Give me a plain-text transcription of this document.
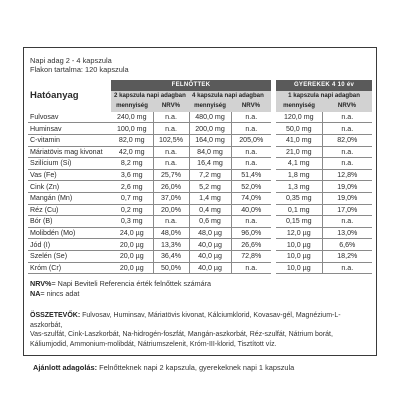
Napi adag 2 - 4 kapszula
Flakon tartalma: 120 kapszula
Hatóanyag	FELNŐTTEK					GYEREKEK 4 10 év	
	2 kapszula napi adagban		4 kapszula napi adagban			1 kapszula napi adagban	
	mennyiség	NRV%	mennyiség	NRV%		mennyiség	NRV%
Fulvosav	240,0 mg	n.a.	480,0 mg	n.a.		120,0 mg	n.a.
Huminsav	100,0 mg	n.a.	200,0 mg	n.a.		50,0 mg	n.a.
C-vitamin	82,0 mg	102,5%	164,0 mg	205,0%		41,0 mg	82,0%
Máriatövis mag kivonat	42,0 mg	n.a.	84,0 mg	n.a.		21,0 mg	n.a.
Szilícium (Si)	8,2 mg	n.a.	16,4 mg	n.a.		4,1 mg	n.a.
Vas (Fe)	3,6 mg	25,7%	7,2 mg	51,4%		1,8 mg	12,8%
Cink (Zn)	2,6 mg	26,0%	5,2 mg	52,0%		1,3 mg	19,0%
Mangán (Mn)	0,7 mg	37,0%	1,4 mg	74,0%		0,35 mg	19,0%
Réz (Cu)	0,2 mg	20,0%	0,4 mg	40,0%		0,1 mg	17,0%
Bór (B)	0,3 mg	n.a.	0,6 mg	n.a.		0,15 mg	n.a.
Molibdén (Mo)	24,0 µg	48,0%	48,0 µg	96,0%		12,0 µg	13,0%
Jód (I)	20,0 µg	13,3%	40,0 µg	26,6%		10,0 µg	6,6%
Szelén (Se)	20,0 µg	36,4%	40,0 µg	72,8%		10,0 µg	18,2%
Króm (Cr)	20,0 µg	50,0%	40,0 µg	n.a.		10,0 µg	n.a.
NRV%= Napi Beviteli Referencia érték felnőttek számára
NA= nincs adat
ÖSSZETEVŐK: Fulvosav, Huminsav, Máriatövis kivonat, Kálciumklorid, Kovasav-gél, Magnézium-L-aszkorbát,
Vas-szulfát, Cink-Laszkorbát, Na-hidrogén-foszfát, Mangán-aszkorbát, Réz-szulfát, Nátrium borát, Káliumjodid, Ammonium-molibdát, Nátriumszelenit, Króm-III-klorid, Tisztított víz.
Ajánlott adagolás: Felnőtteknek napi 2 kapszula, gyerekeknek napi 1 kapszula
